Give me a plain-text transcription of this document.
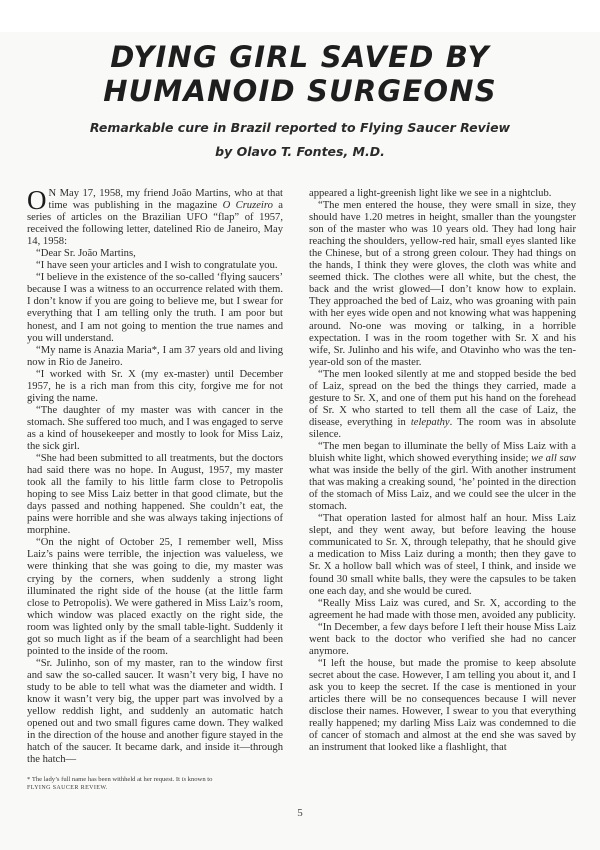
DYING GIRL SAVED BY HUMANOID SURGEONS
Remarkable cure in Brazil reported to Flying Saucer Review
by Olavo T. Fontes, M.D.

O N May 17, 1958, my friend João Martins, who at that time was publishing in the magazine O Cruzeiro a series of articles on the Brazilian UFO “flap” of 1957, received the following letter, datelined Rio de Janeiro, May 14, 1958:

“Dear Sr. João Martins,

“I have seen your articles and I wish to congratulate you.

“I believe in the existence of the so-called ‘flying saucers’ because I was a witness to an occurrence related with them. I don’t know if you are going to believe me, but I swear for everything that I am telling only the truth. I am poor but honest, and I am not going to mention the true names and you will understand.

“My name is Anazia Maria*, I am 37 years old and living now in Rio de Janeiro.

“I worked with Sr. X (my ex-master) until December 1957, he is a rich man from this city, forgive me for not giving the name.

“The daughter of my master was with cancer in the stomach. She suffered too much, and I was engaged to serve as a kind of housekeeper and mostly to look for Miss Laiz, the sick girl.

“She had been submitted to all treatments, but the doctors had said there was no hope. In August, 1957, my master took all the family to his little farm close to Petropolis hoping to see Miss Laiz better in that good climate, but the days passed and nothing happened. She couldn’t eat, the pains were horrible and she was always taking injections of morphine.

“On the night of October 25, I remember well, Miss Laiz’s pains were terrible, the injection was valueless, we were thinking that she was going to die, my master was crying by the corners, when suddenly a strong light illuminated the right side of the house (at the little farm close to Petropolis). We were gathered in Miss Laiz’s room, which window was placed exactly on the right side, the room was lighted only by the small table-light. Suddenly it got so much light as if the beam of a searchlight had been pointed to the inside of the room.

“Sr. Julinho, son of my master, ran to the window first and saw the so-called saucer. It wasn’t very big, I have no study to be able to tell what was the diameter and width. I know it wasn’t very big, the upper part was involved by a yellow reddish light, and suddenly an automatic hatch opened out and two small figures came down. They walked in the direction of the house and another figure stayed in the hatch of the saucer. It became dark, and inside it—through the hatch—

appeared a light-greenish light like we see in a nightclub.

“The men entered the house, they were small in size, they should have 1.20 metres in height, smaller than the youngster son of the master who was 10 years old. They had long hair reaching the shoulders, yellow-red hair, small eyes slanted like the Chinese, but of a strong green colour. They had things on the hands, I think they were gloves, the cloth was white and seemed thick. The clothes were all white, but the chest, the back and the wrist glowed—I don’t know how to explain. They approached the bed of Laiz, who was groaning with pain with her eyes wide open and not knowing what was happening around. No-one was moving or talking, in a horrible expectation. I was in the room together with Sr. X and his wife, Sr. Julinho and his wife, and Otavinho who was the ten-year-old son of the master.

“The men looked silently at me and stopped beside the bed of Laiz, spread on the bed the things they carried, made a gesture to Sr. X, and one of them put his hand on the forehead of Sr. X who started to tell them all the case of Laiz, the disease, everything in telepathy. The room was in absolute silence.

“The men began to illuminate the belly of Miss Laiz with a bluish white light, which showed everything inside; we all saw what was inside the belly of the girl. With another instrument that was making a creaking sound, ‘he’ pointed in the direction of the stomach of Miss Laiz, and we could see the ulcer in the stomach.

“That operation lasted for almost half an hour. Miss Laiz slept, and they went away, but before leaving the house communicated to Sr. X, through telepathy, that he should give a medication to Miss Laiz during a month; then they gave to Sr. X a hollow ball which was of steel, I think, and inside we found 30 small white balls, they were the capsules to be taken one each day, and she would be cured.

“Really Miss Laiz was cured, and Sr. X, according to the agreement he had made with those men, avoided any publicity.

“In December, a few days before I left their house Miss Laiz went back to the doctor who verified she had no cancer anymore.

“I left the house, but made the promise to keep absolute secret about the case. However, I am telling you about it, and I ask you to keep the secret. If the case is mentioned in your articles there will be no consequences because I will never disclose their names. However, I swear to you that everything really happened; my darling Miss Laiz was condemned to die of cancer of stomach and almost at the end she was saved by an instrument that looked like a flashlight, that

* The lady’s full name has been withheld at her request. It is known to
FLYING SAUCER REVIEW.
5
